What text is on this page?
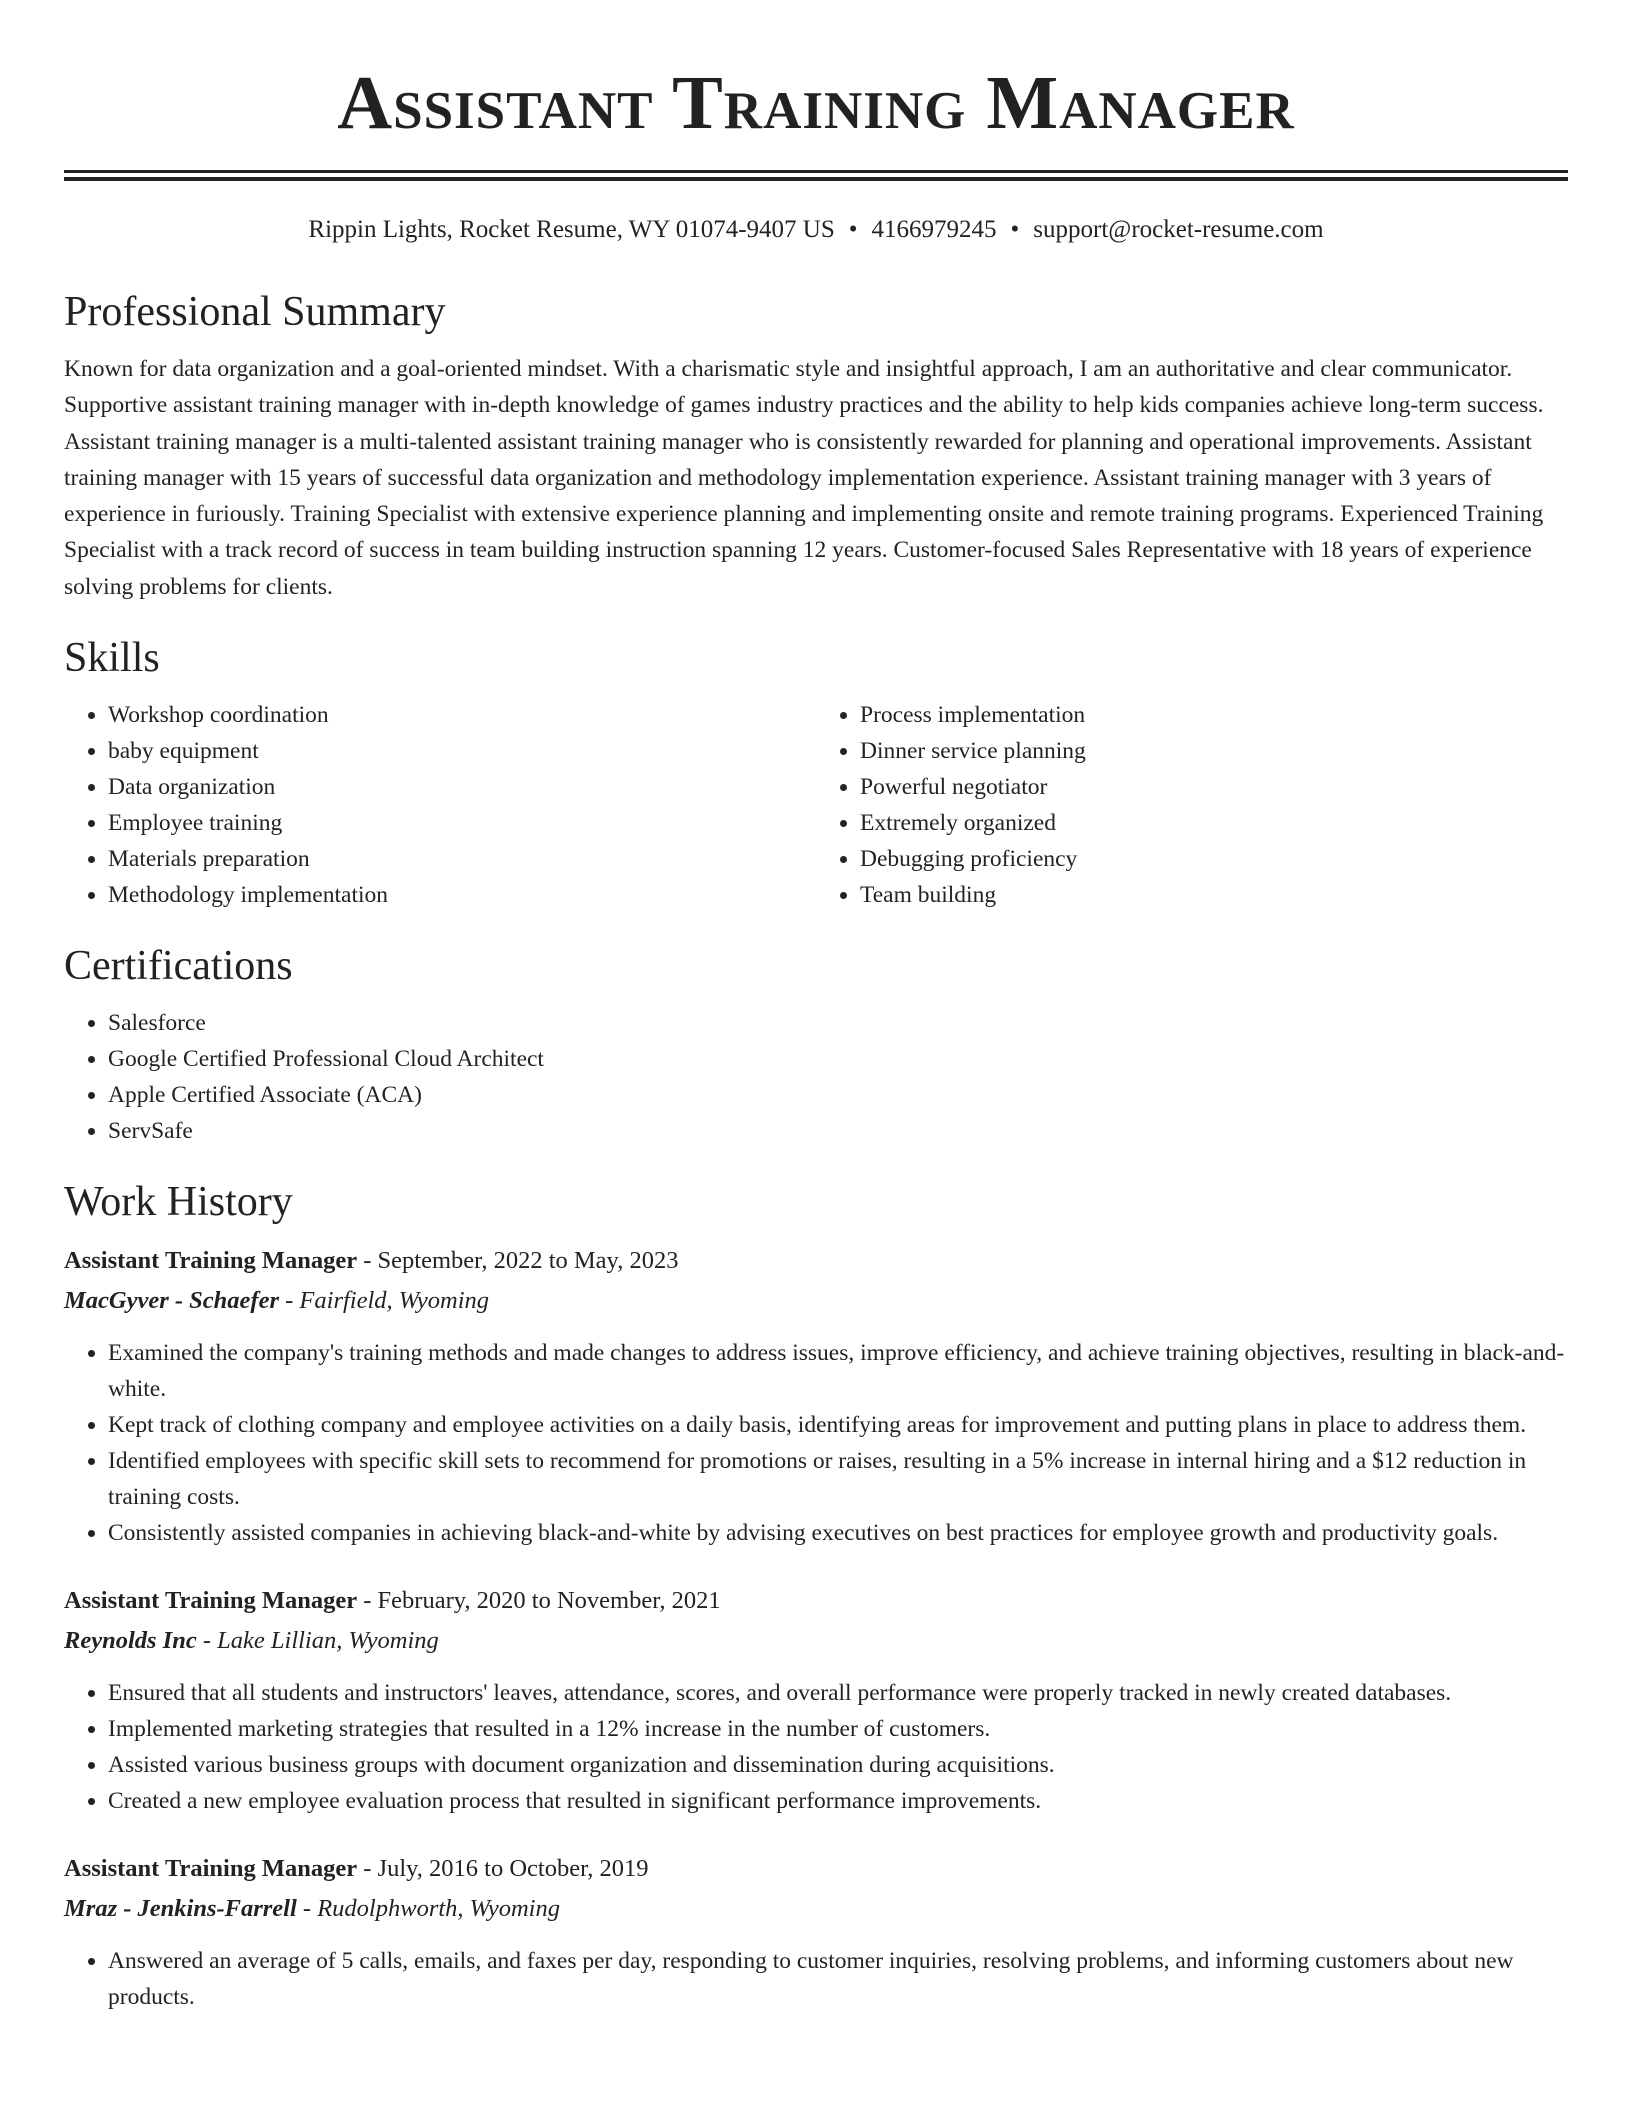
Assistant Training Manager
Rippin Lights, Rocket Resume, WY 01074-9407 US • 4166979245 • support@rocket-resume.com
Professional Summary

Known for data organization and a goal-oriented mindset. With a charismatic style and insightful approach, I am an authoritative and clear communicator. Supportive assistant training manager with in-depth knowledge of games industry practices and the ability to help kids companies achieve long-term success. Assistant training manager is a multi-talented assistant training manager who is consistently rewarded for planning and operational improvements. Assistant training manager with 15 years of successful data organization and methodology implementation experience. Assistant training manager with 3 years of experience in furiously. Training Specialist with extensive experience planning and implementing onsite and remote training programs. Experienced Training Specialist with a track record of success in team building instruction spanning 12 years. Customer-focused Sales Representative with 18 years of experience solving problems for clients.

Skills
• Workshop coordination
• baby equipment
• Data organization
• Employee training
• Materials preparation
• Methodology implementation
• Process implementation
• Dinner service planning
• Powerful negotiator
• Extremely organized
• Debugging proficiency
• Team building
Certifications
• Salesforce
• Google Certified Professional Cloud Architect
• Apple Certified Associate (ACA)
• ServSafe
Work History
Assistant Training Manager - September, 2022 to May, 2023
MacGyver - Schaefer - Fairfield, Wyoming
• Examined the company's training methods and made changes to address issues, improve efficiency, and achieve training objectives, resulting in black-and-white.
• Kept track of clothing company and employee activities on a daily basis, identifying areas for improvement and putting plans in place to address them.
• Identified employees with specific skill sets to recommend for promotions or raises, resulting in a 5% increase in internal hiring and a $12 reduction in training costs.
• Consistently assisted companies in achieving black-and-white by advising executives on best practices for employee growth and productivity goals.
Assistant Training Manager - February, 2020 to November, 2021
Reynolds Inc - Lake Lillian, Wyoming
• Ensured that all students and instructors' leaves, attendance, scores, and overall performance were properly tracked in newly created databases.
• Implemented marketing strategies that resulted in a 12% increase in the number of customers.
• Assisted various business groups with document organization and dissemination during acquisitions.
• Created a new employee evaluation process that resulted in significant performance improvements.
Assistant Training Manager - July, 2016 to October, 2019
Mraz - Jenkins-Farrell - Rudolphworth, Wyoming
• Answered an average of 5 calls, emails, and faxes per day, responding to customer inquiries, resolving problems, and informing customers about new products.
